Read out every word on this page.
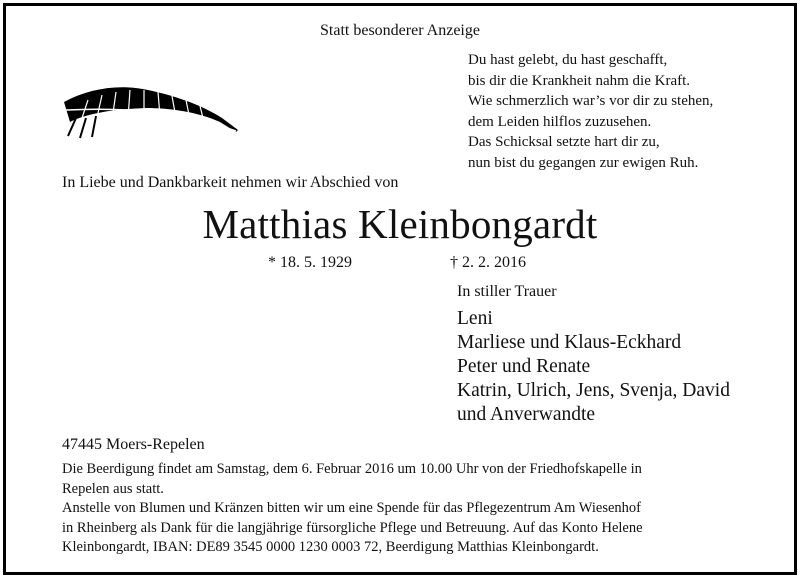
Statt besonderer Anzeige
Du hast gelebt, du hast geschafft,
bis dir die Krankheit nahm die Kraft.
Wie schmerzlich war’s vor dir zu stehen,
dem Leiden hilflos zuzusehen.
Das Schicksal setzte hart dir zu,
nun bist du gegangen zur ewigen Ruh.
In Liebe und Dankbarkeit nehmen wir Abschied von
Matthias Kleinbongardt
* 18. 5. 1929	† 2. 2. 2016
In stiller Trauer
Leni
Marliese und Klaus-Eckhard
Peter und Renate
Katrin, Ulrich, Jens, Svenja, David
und Anverwandte
47445 Moers-Repelen
Die Beerdigung findet am Samstag, dem 6. Februar 2016 um 10.00 Uhr von der Friedhofskapelle in
Repelen aus statt.
Anstelle von Blumen und Kränzen bitten wir um eine Spende für das Pflegezentrum Am Wiesenhof
in Rheinberg als Dank für die langjährige fürsorgliche Pflege und Betreuung. Auf das Konto Helene
Kleinbongardt, IBAN: DE89 3545 0000 1230 0003 72, Beerdigung Matthias Kleinbongardt.
